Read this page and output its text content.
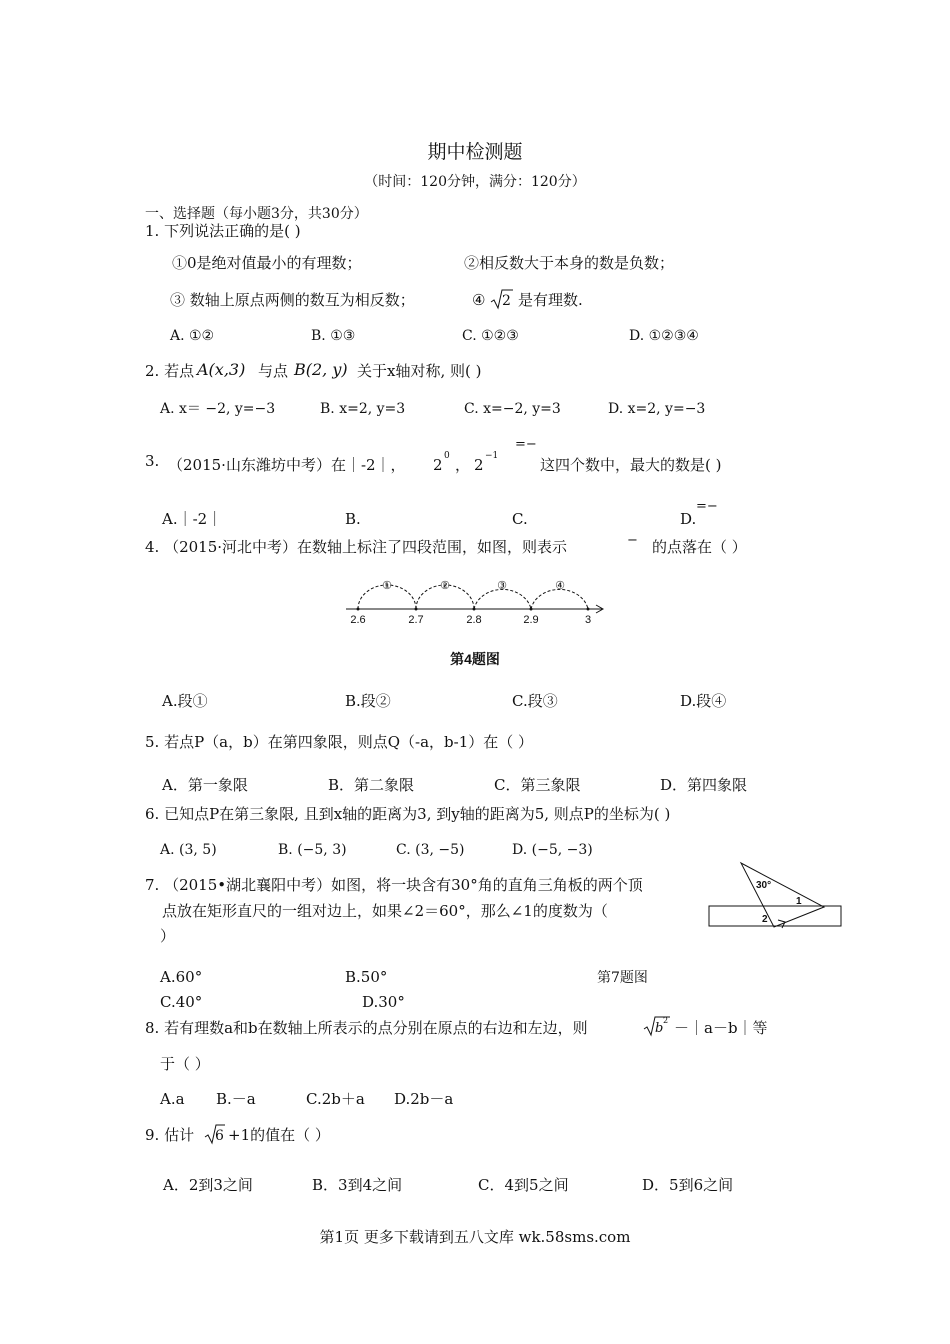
期中检测题
（时间：120分钟，满分：120分）
一、选择题（每小题3分，共30分）
1. 下列说法正确的是( )
①0是绝对值最小的有理数；	②相反数大于本身的数是负数；
③ 数轴上原点两侧的数互为相反数；	④ 2 是有理数.
A. ①②	B. ①③	C. ①②③	D. ①②③④
2. 若点 A(x,3) 与点 B(2, y) 关于x轴对称, 则( )
A. x＝ −2, y=−3	B. x=2, y=3	C. x=−2, y=3	D. x=2, y=−3
3. （2015·山东潍坊中考）在｜-2｜， 2 0 ， 2 −1
=−
这四个数中，最大的数是( )
A.｜-2｜	B.	C.	D.
=−
4. （2015·河北中考）在数轴上标注了四段范围，如图，则表示	− 的点落在（ ）
①	②	③	④
2.6	2.7	2.8	2.9	3
第4题图
A.段①	B.段②	C.段③	D.段④
5. 若点P（a，b）在第四象限，则点Q（-a，b-1）在（ ）
A．第一象限	B．第二象限	C．第三象限	D．第四象限
6. 已知点P在第三象限, 且到x轴的距离为3, 到y轴的距离为5, 则点P的坐标为( )
A. (3, 5)	B. (−5, 3)	C. (3, −5)	D. (−5, −3)
7. （2015•湖北襄阳中考）如图，将一块含有30°角的直角三角板的两个顶
点放在矩形直尺的一组对边上，如果∠2＝60°，那么∠1的度数为（
）
30°
1
2
A.60°	B.50°	第7题图
C.40°	D.30°
8. 若有理数a和b在数轴上所表示的点分别在原点的右边和左边，则	b
2 －｜a－b｜等
于（ ）
A.a B.－a	C.2b＋a D.2b－a
9. 估计 6 +1的值在（ ）
A．2到3之间	B．3到4之间	C．4到5之间	D．5到6之间
第1页 更多下载请到五八文库 wk.58sms.com
